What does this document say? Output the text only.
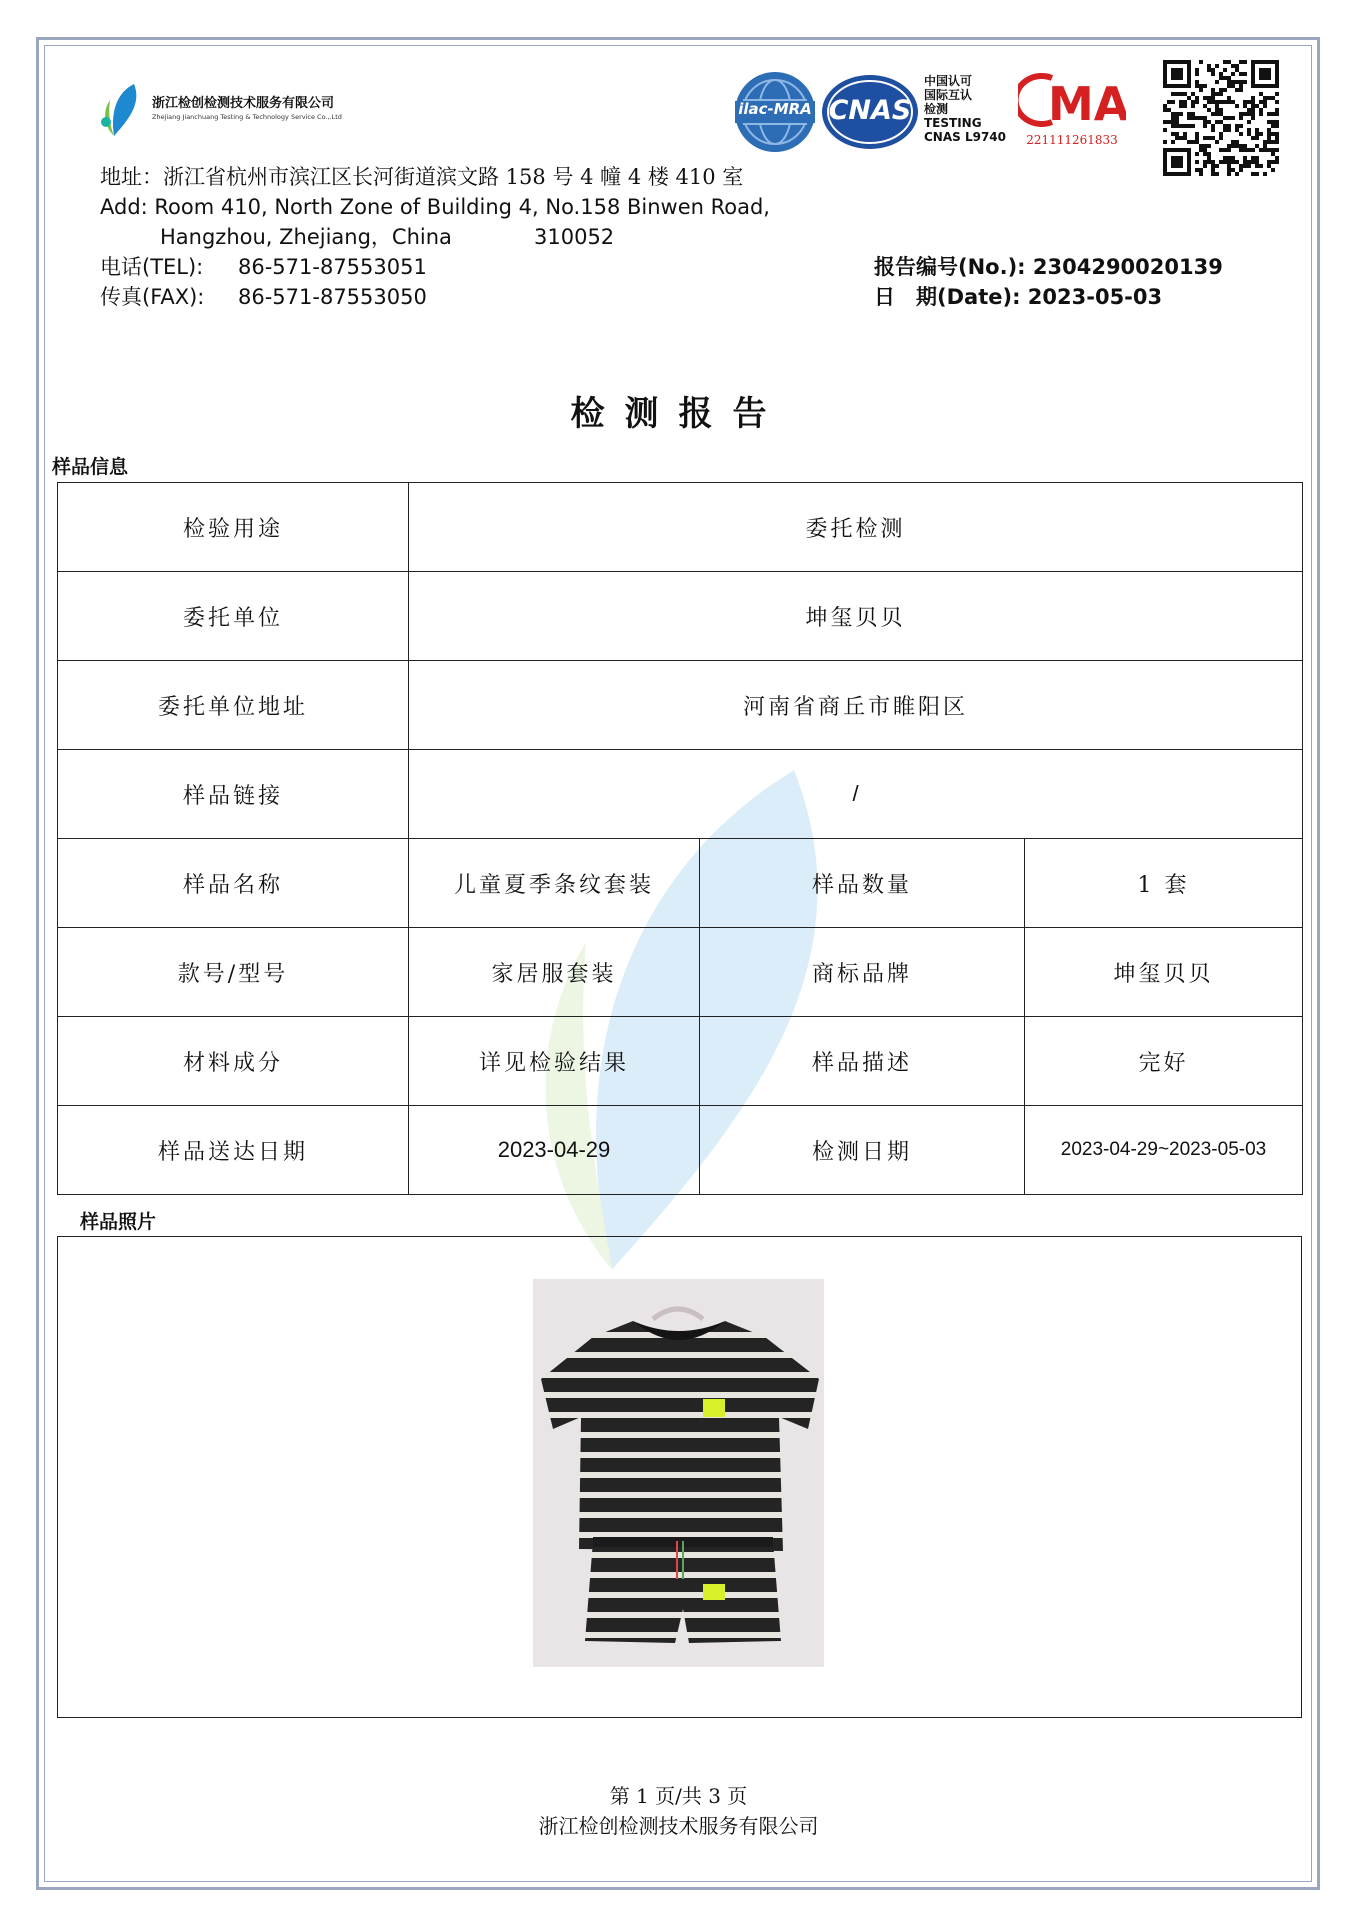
浙江检创检测技术服务有限公司
Zhejiang Jianchuang Testing & Technology Service Co.,.Ltd	ilac-MRA CNAS
中国认可
国际互认
检测
TESTING
CNAS L9740
MA
221111261833
地址：浙江省杭州市滨江区长河街道滨文路 158 号 4 幢 4 楼 410 室
Add: Room 410, North Zone of Building 4, No.158 Binwen Road,
Hangzhou, Zhejiang，China	310052
电话(TEL): 86-571-87553051
传真(FAX): 86-571-87553050
报告编号(No.): 2304290020139
日　期(Date): 2023-05-03
检测报告
样品信息
检验用途	委托检测		
委托单位	坤玺贝贝		
委托单位地址	河南省商丘市睢阳区		
样品链接	/		
样品名称	儿童夏季条纹套装	样品数量	1 套
款号/型号	家居服套装	商标品牌	坤玺贝贝
材料成分	详见检验结果	样品描述	完好
样品送达日期	2023-04-29	检测日期	2023-04-29~2023-05-03
样品照片
第 1 页/共 3 页
浙江检创检测技术服务有限公司
